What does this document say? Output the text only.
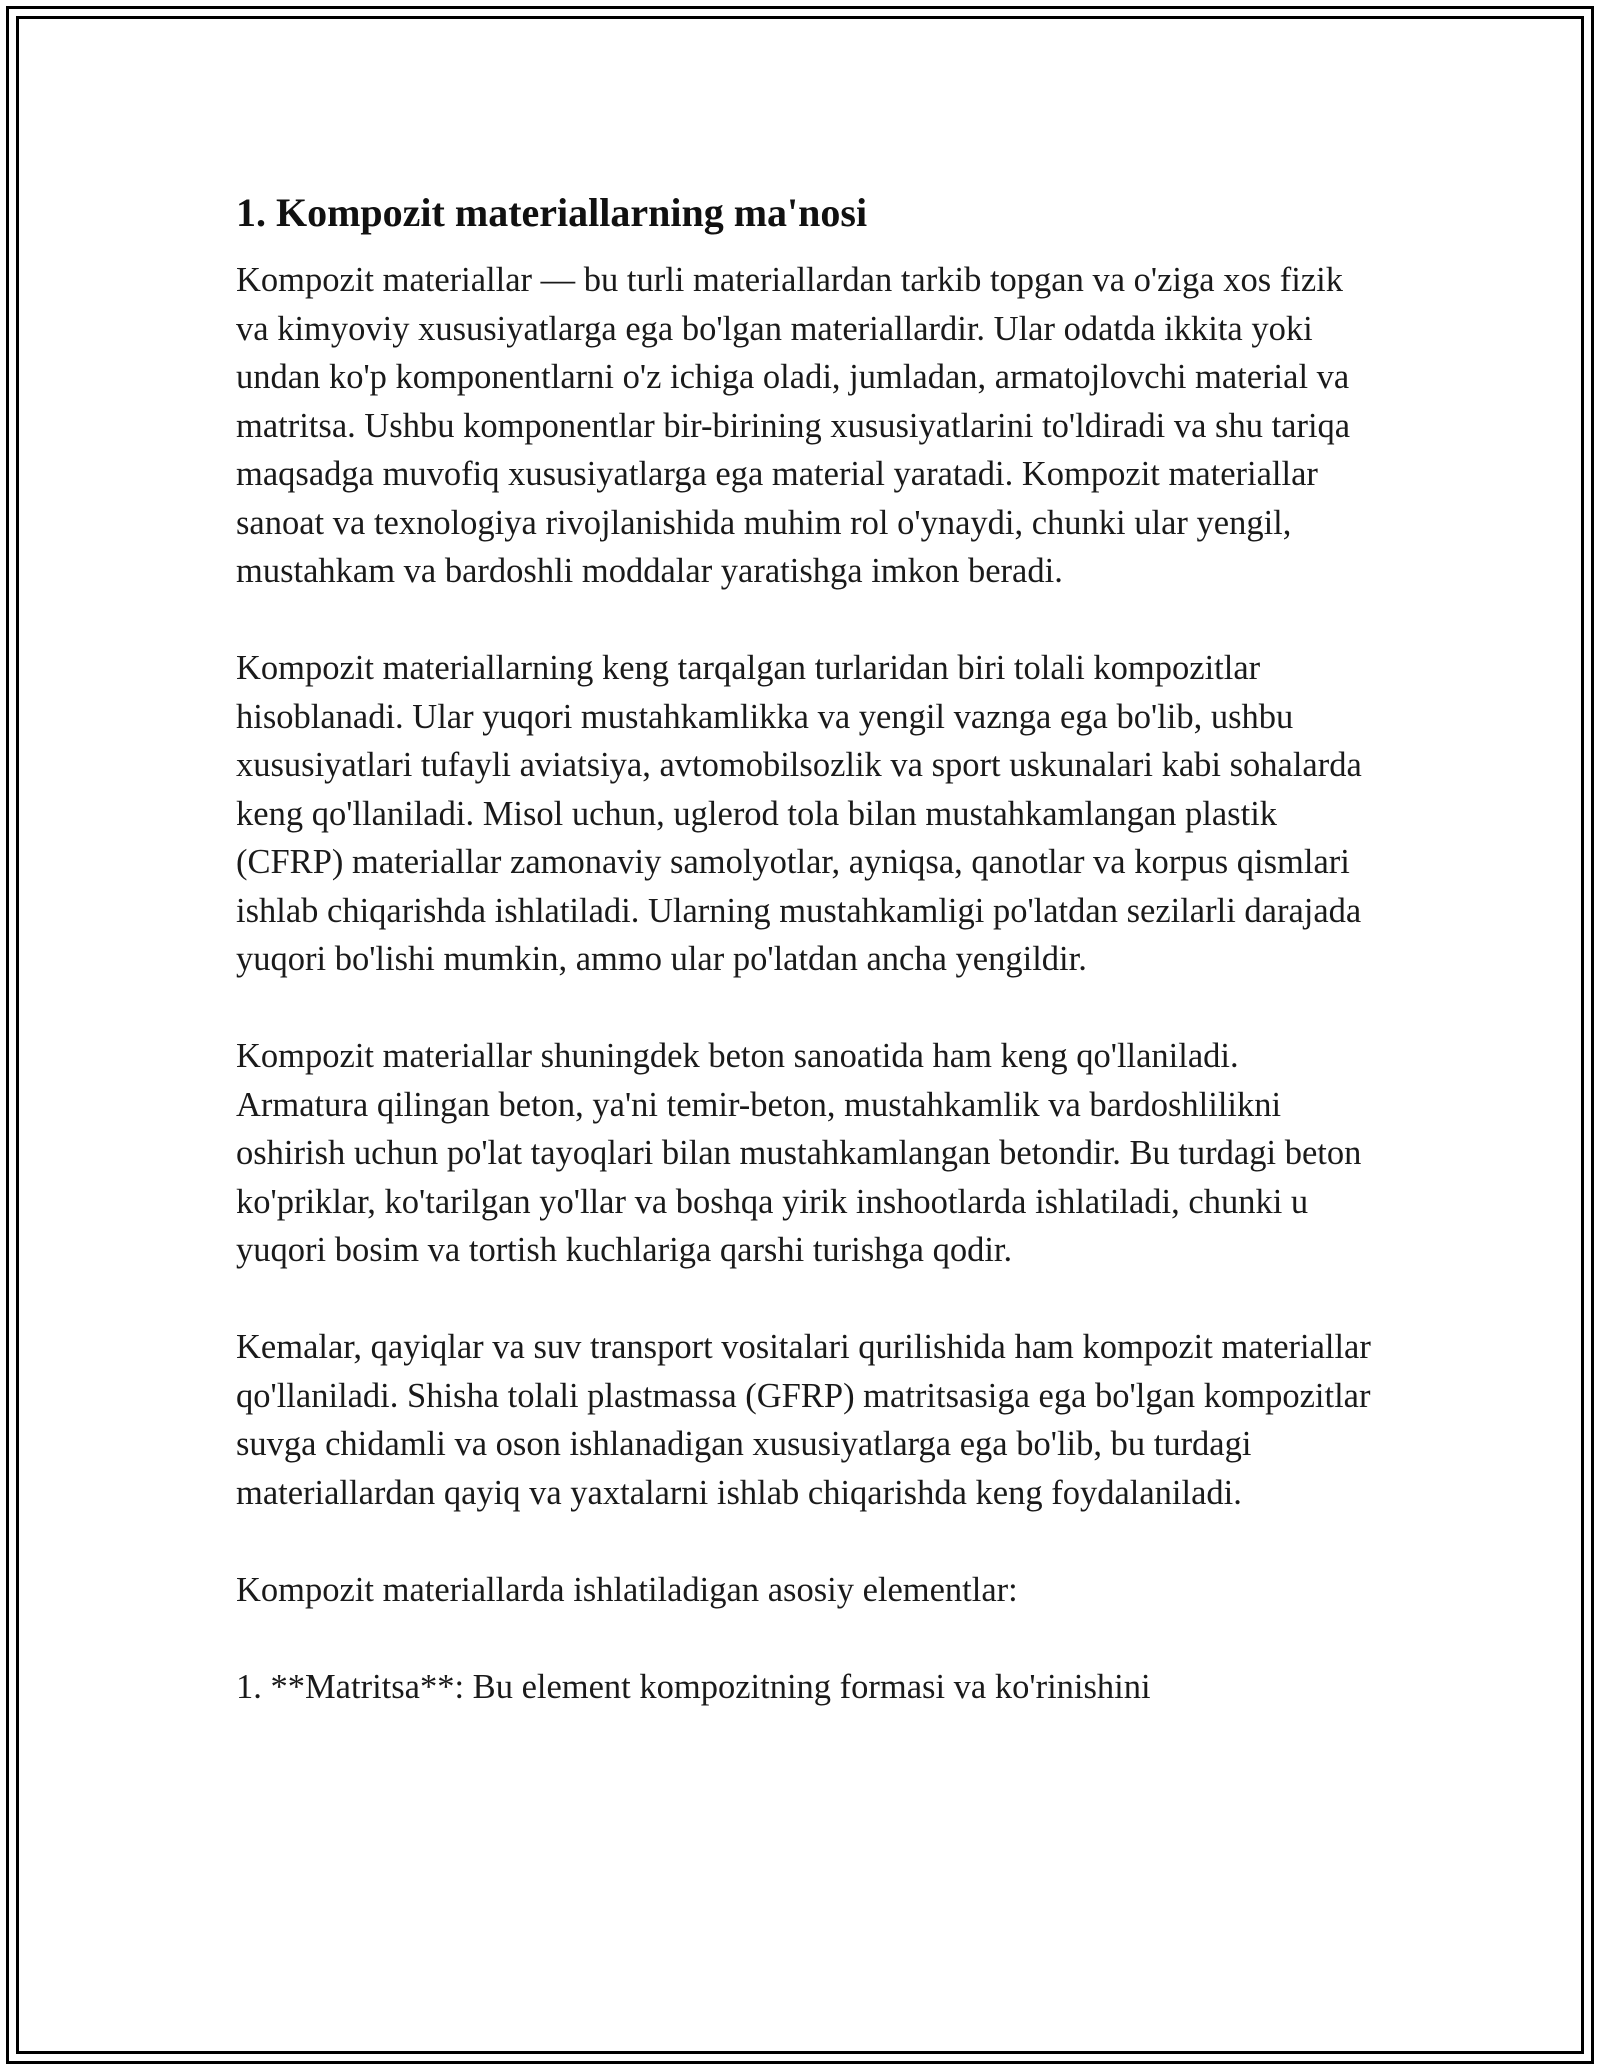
1. Kompozit materiallarning ma'nosi

Kompozit materiallar — bu turli materiallardan tarkib topgan va o'ziga xos fizik va kimyoviy xususiyatlarga ega bo'lgan materiallardir. Ular odatda ikkita yoki undan ko'p komponentlarni o'z ichiga oladi, jumladan, armatojlovchi material va matritsa. Ushbu komponentlar bir-birining xususiyatlarini to'ldiradi va shu tariqa maqsadga muvofiq xususiyatlarga ega material yaratadi. Kompozit materiallar sanoat va texnologiya rivojlanishida muhim rol o'ynaydi, chunki ular yengil, mustahkam va bardoshli moddalar yaratishga imkon beradi.

Kompozit materiallarning keng tarqalgan turlaridan biri tolali kompozitlar hisoblanadi. Ular yuqori mustahkamlikka va yengil vaznga ega bo'lib, ushbu xususiyatlari tufayli aviatsiya, avtomobilsozlik va sport uskunalari kabi sohalarda keng qo'llaniladi. Misol uchun, uglerod tola bilan mustahkamlangan plastik (CFRP) materiallar zamonaviy samolyotlar, ayniqsa, qanotlar va korpus qismlari ishlab chiqarishda ishlatiladi. Ularning mustahkamligi po'latdan sezilarli darajada yuqori bo'lishi mumkin, ammo ular po'latdan ancha yengildir.

Kompozit materiallar shuningdek beton sanoatida ham keng qo'llaniladi. Armatura qilingan beton, ya'ni temir-beton, mustahkamlik va bardoshlilikni oshirish uchun po'lat tayoqlari bilan mustahkamlangan betondir. Bu turdagi beton ko'priklar, ko'tarilgan yo'llar va boshqa yirik inshootlarda ishlatiladi, chunki u yuqori bosim va tortish kuchlariga qarshi turishga qodir.

Kemalar, qayiqlar va suv transport vositalari qurilishida ham kompozit materiallar qo'llaniladi. Shisha tolali plastmassa (GFRP) matritsasiga ega bo'lgan kompozitlar suvga chidamli va oson ishlanadigan xususiyatlarga ega bo'lib, bu turdagi materiallardan qayiq va yaxtalarni ishlab chiqarishda keng foydalaniladi.

Kompozit materiallarda ishlatiladigan asosiy elementlar:

1. **Matritsa**: Bu element kompozitning formasi va ko'rinishini
